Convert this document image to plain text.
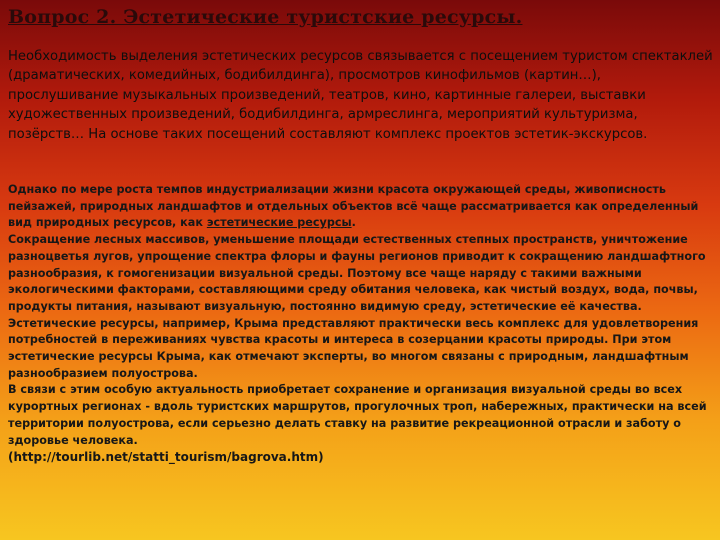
Вопрос 2. Эстетические туристские ресурсы.
Необходимость выделения эстетических ресурсов связывается с посещением туристом спектаклей (драматических, комедийных, бодибилдинга), просмотров кинофильмов (картин…), прослушивание музыкальных произведений, театров, кино, картинные галереи, выставки художественных произведений, бодибилдинга, армреслинга, мероприятий культуризма, позёрств… На основе таких посещений составляют комплекс проектов эстетик-экскурсов.

Однако по мере роста темпов индустриализации жизни красота окружающей среды, живописность пейзажей, природных ландшафтов и отдельных объектов всё чаще рассматривается как определенный вид природных ресурсов, как эстетические ресурсы.

Сокращение лесных массивов, уменьшение площади естественных степных пространств, уничтожение разноцветья лугов, упрощение спектра флоры и фауны регионов приводит к сокращению ландшафтного разнообразия, к гомогенизации визуальной среды. Поэтому все чаще наряду с такими важными экологическими факторами, составляющими среду обитания человека, как чистый воздух, вода, почвы, продукты питания, называют визуальную, постоянно видимую среду, эстетические её качества.

Эстетические ресурсы, например, Крыма представляют практически весь комплекс для удовлетворения потребностей в переживаниях чувства красоты и интереса в созерцании красоты природы. При этом эстетические ресурсы Крыма, как отмечают эксперты, во многом связаны с природным, ландшафтным разнообразием полуострова.

В связи с этим особую актуальность приобретает сохранение и организация визуальной среды во всех курортных регионах - вдоль туристских маршрутов, прогулочных троп, набережных, практически на всей территории полуострова, если серьезно делать ставку на развитие рекреационной отрасли и заботу о здоровье человека.

(http://tourlib.net/statti_tourism/bagrova.htm)
